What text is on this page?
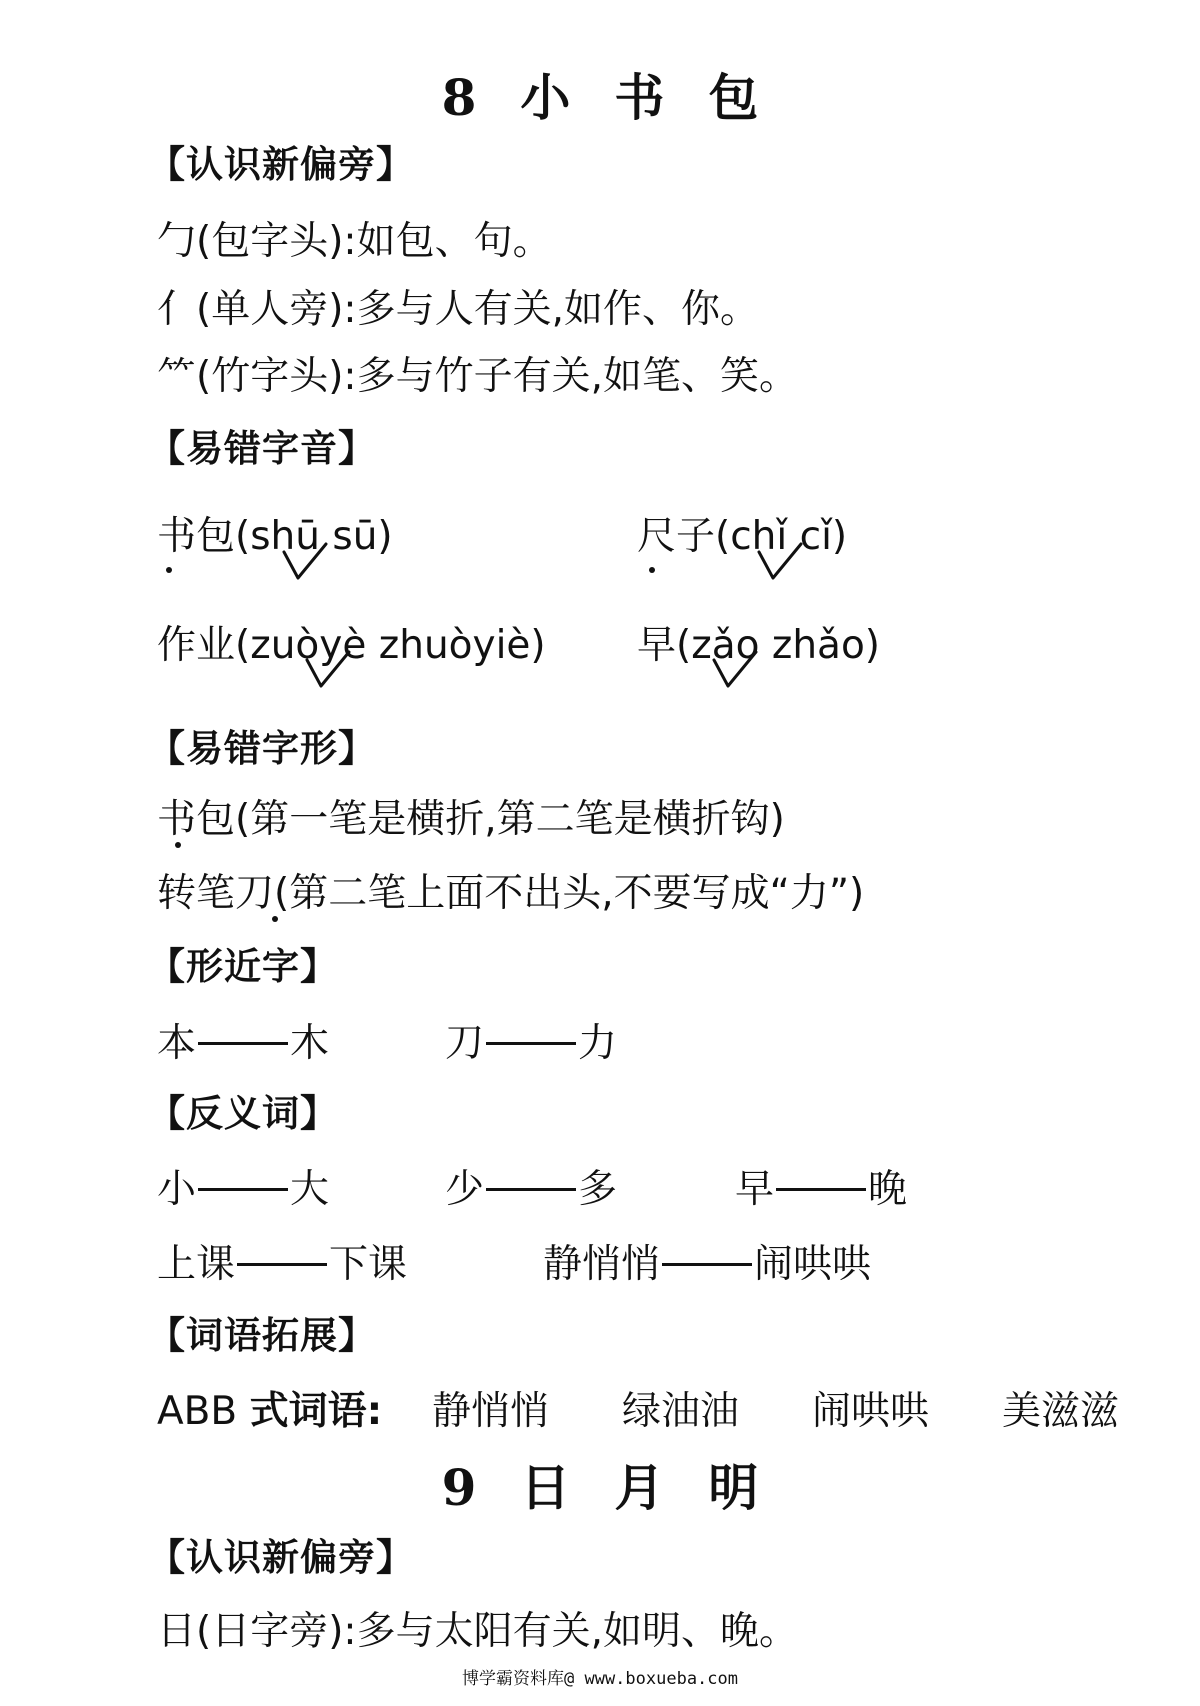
8 小 书 包
【认识新偏旁】
勹(包字头):如包、句。
亻(单人旁):多与人有关,如作、你。
⺮(竹字头):多与竹子有关,如笔、笑。
【易错字音】
书包(shū sū)	尺子(chǐ cǐ)
作业(zuòyè zhuòyiè) 早(zǎo zhǎo)
【易错字形】
书包(第一笔是横折,第二笔是横折钩)
转笔刀(第二笔上面不出头,不要写成“力”)
【形近字】
本 木	刀 力
【反义词】
小 大	少 多	早 晚
上课 下课	静悄悄 闹哄哄
【词语拓展】
ABB 式词语: 静悄悄 绿油油 闹哄哄 美滋滋
9 日 月 明
【认识新偏旁】
日(日字旁):多与太阳有关,如明、晚。
博学霸资料库@ www.boxueba.com
